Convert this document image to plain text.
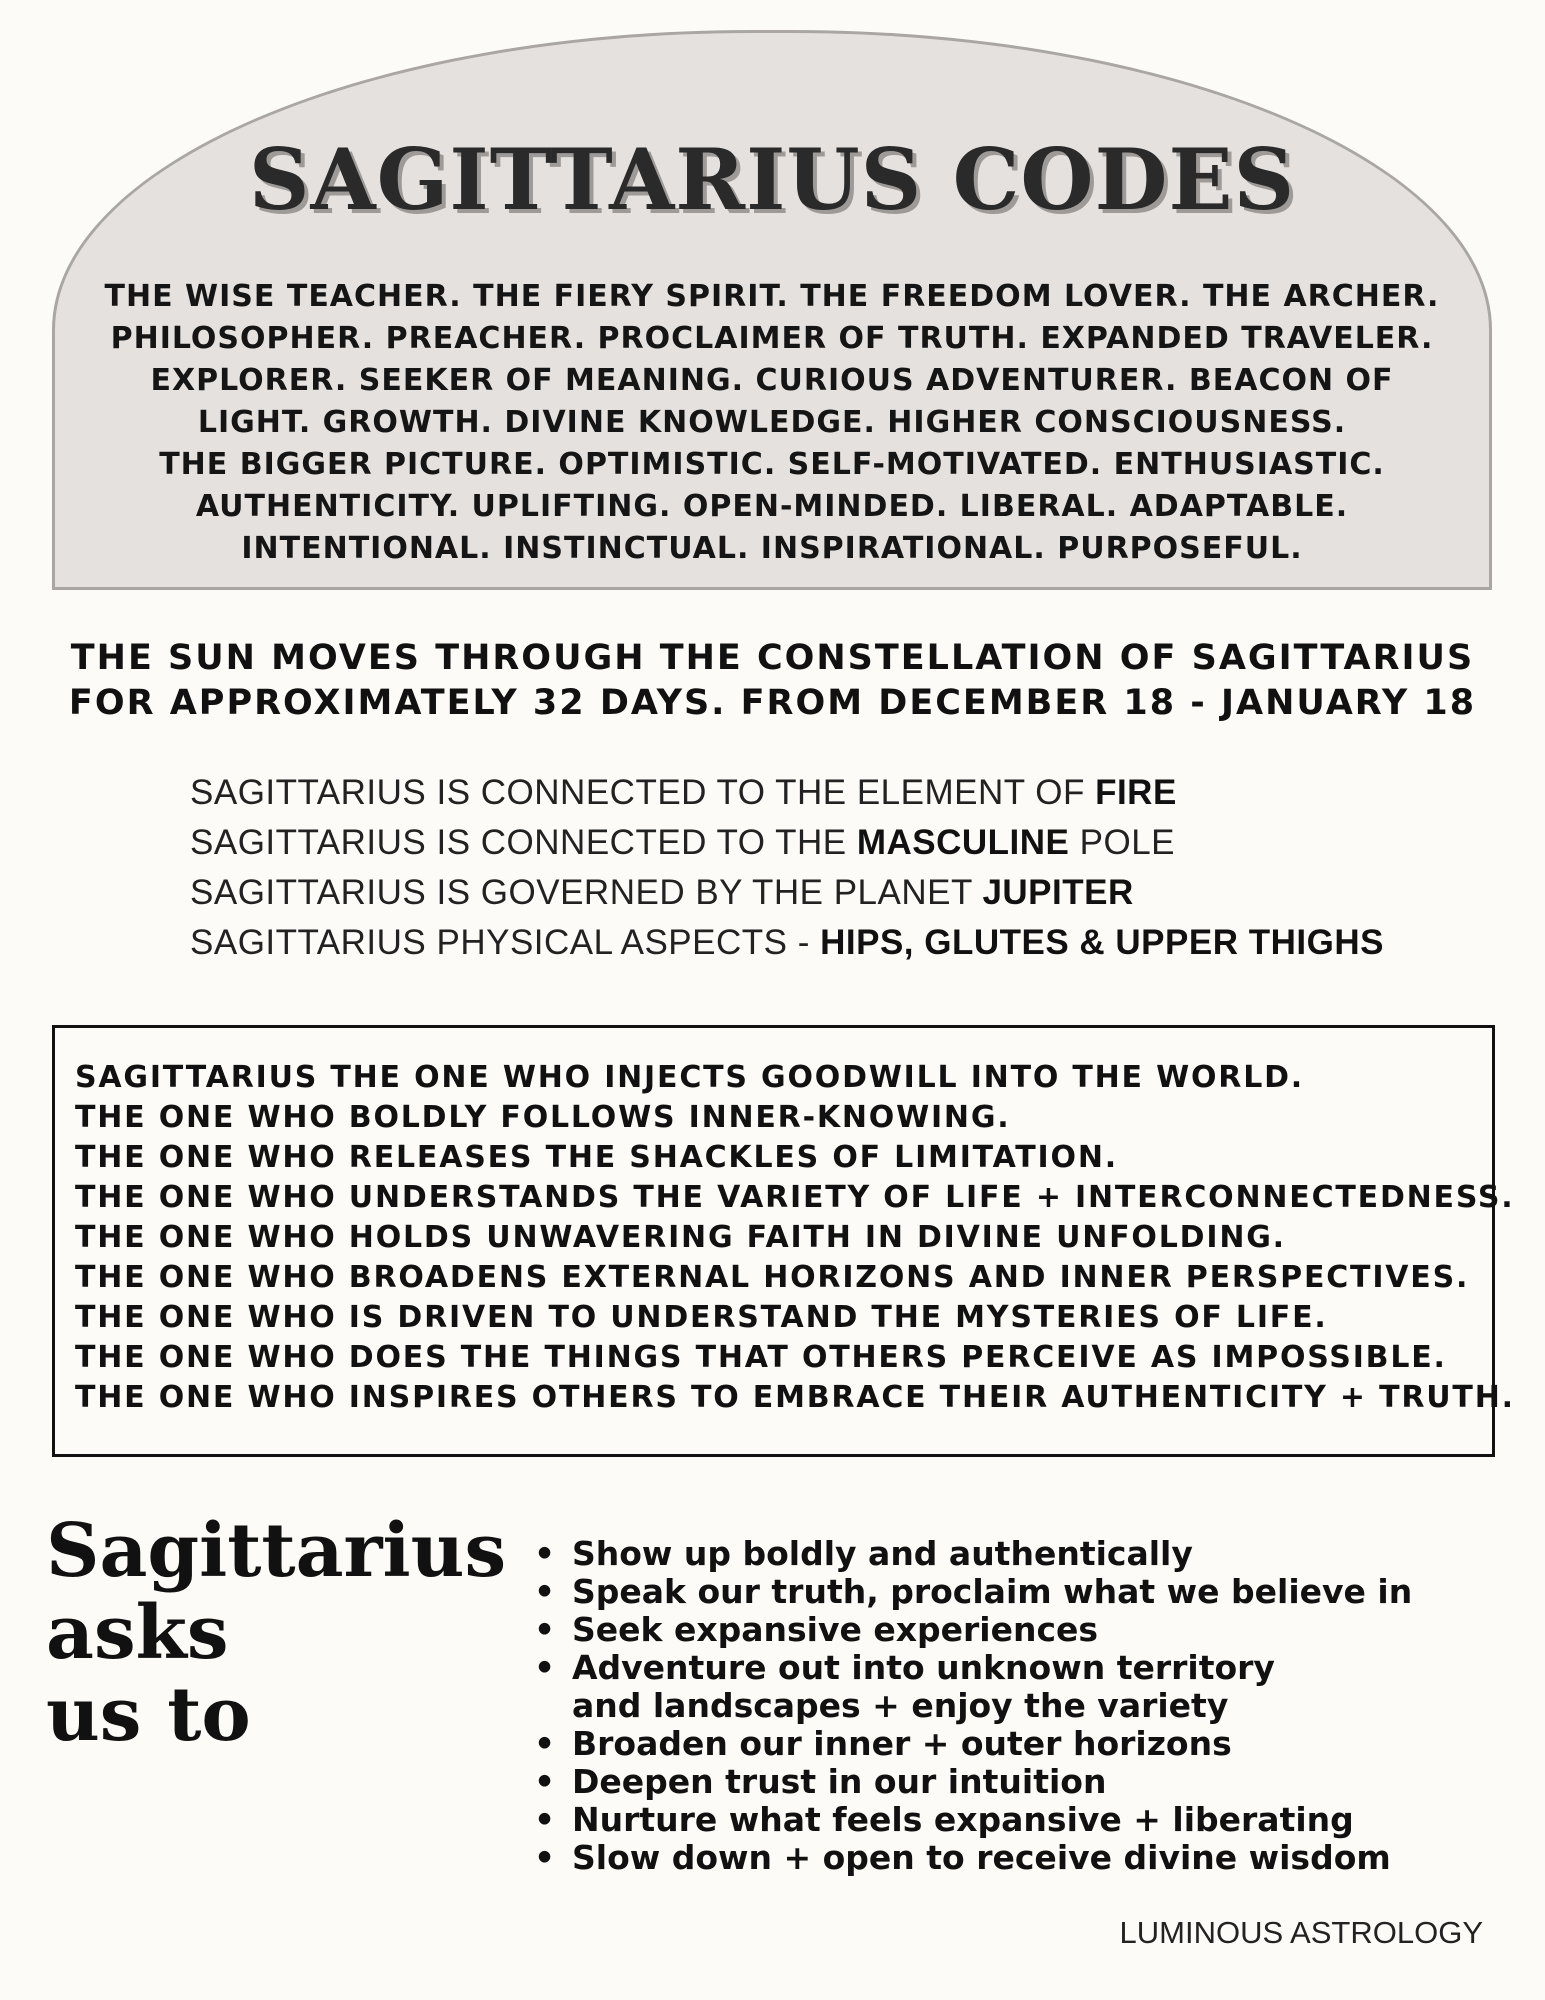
SAGITTARIUS CODES
THE WISE TEACHER. THE FIERY SPIRIT. THE FREEDOM LOVER. THE ARCHER.
PHILOSOPHER. PREACHER. PROCLAIMER OF TRUTH. EXPANDED TRAVELER.
EXPLORER. SEEKER OF MEANING. CURIOUS ADVENTURER. BEACON OF
LIGHT. GROWTH. DIVINE KNOWLEDGE. HIGHER CONSCIOUSNESS.
THE BIGGER PICTURE. OPTIMISTIC. SELF-MOTIVATED. ENTHUSIASTIC.
AUTHENTICITY. UPLIFTING. OPEN-MINDED. LIBERAL. ADAPTABLE.
INTENTIONAL. INSTINCTUAL. INSPIRATIONAL. PURPOSEFUL.
THE SUN MOVES THROUGH THE CONSTELLATION OF SAGITTARIUS
FOR APPROXIMATELY 32 DAYS. FROM DECEMBER 18 - JANUARY 18
SAGITTARIUS IS CONNECTED TO THE ELEMENT OF FIRE
SAGITTARIUS IS CONNECTED TO THE MASCULINE POLE
SAGITTARIUS IS GOVERNED BY THE PLANET JUPITER
SAGITTARIUS PHYSICAL ASPECTS - HIPS, GLUTES & UPPER THIGHS
SAGITTARIUS THE ONE WHO INJECTS GOODWILL INTO THE WORLD.
THE ONE WHO BOLDLY FOLLOWS INNER-KNOWING.
THE ONE WHO RELEASES THE SHACKLES OF LIMITATION.
THE ONE WHO UNDERSTANDS THE VARIETY OF LIFE + INTERCONNECTEDNESS.
THE ONE WHO HOLDS UNWAVERING FAITH IN DIVINE UNFOLDING.
THE ONE WHO BROADENS EXTERNAL HORIZONS AND INNER PERSPECTIVES.
THE ONE WHO IS DRIVEN TO UNDERSTAND THE MYSTERIES OF LIFE.
THE ONE WHO DOES THE THINGS THAT OTHERS PERCEIVE AS IMPOSSIBLE.
THE ONE WHO INSPIRES OTHERS TO EMBRACE THEIR AUTHENTICITY + TRUTH.
Sagittarius
asks
us to
• Show up boldly and authentically
• Speak our truth, proclaim what we believe in
• Seek expansive experiences
• Adventure out into unknown territory and landscapes + enjoy the variety
• Broaden our inner + outer horizons
• Deepen trust in our intuition
• Nurture what feels expansive + liberating
• Slow down + open to receive divine wisdom

LUMINOUS ASTROLOGY
